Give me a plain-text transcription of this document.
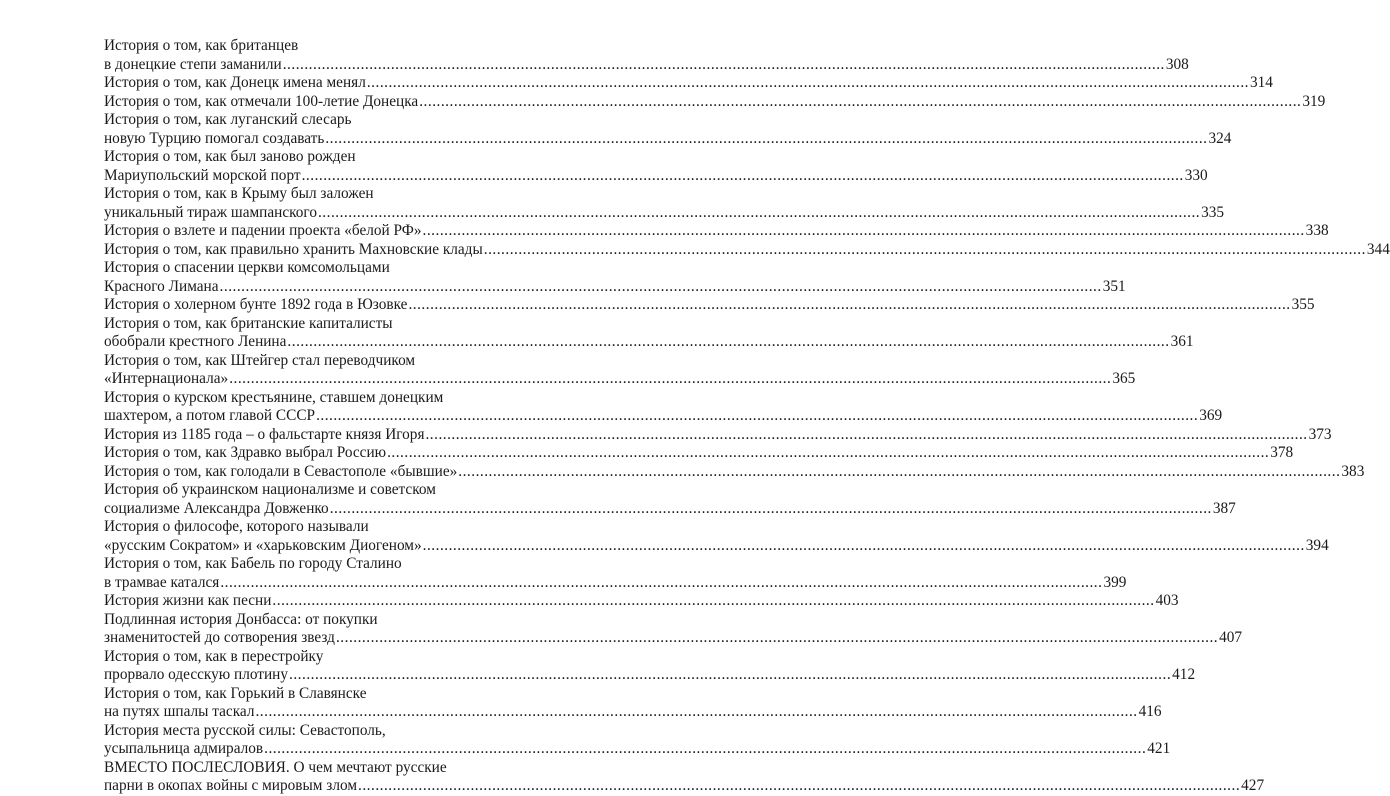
История о том, как британцев
в донецкие степи заманили .....	308
История о том, как Донецк имена менял .....	314
История о том, как отмечали 100-летие Донецка .....	319
История о том, как луганский слесарь
новую Турцию помогал создавать .....	324
История о том, как был заново рожден
Мариупольский морской порт .....	330
История о том, как в Крыму был заложен
уникальный тираж шампанского .....	335
История о взлете и падении проекта «белой РФ» .....	338
История о том, как правильно хранить Махновские клады .....	344
История о спасении церкви комсомольцами
Красного Лимана .....	351
История о холерном бунте 1892 года в Юзовке .....	355
История о том, как британские капиталисты
обобрали крестного Ленина .....	361
История о том, как Штейгер стал переводчиком
«Интернационала» .....	365
История о курском крестьянине, ставшем донецким
шахтером, а потом главой СССР .....	369
История из 1185 года – о фальстарте князя Игоря .....	373
История о том, как Здравко выбрал Россию .....	378
История о том, как голодали в Севастополе «бывшие» .....	383
История об украинском национализме и советском
социализме Александра Довженко .....	387
История о философе, которого называли
«русским Сократом» и «харьковским Диогеном» .....	394
История о том, как Бабель по городу Сталино
в трамвае катался .....	399
История жизни как песни .....	403
Подлинная история Донбасса: от покупки
знаменитостей до сотворения звезд .....	407
История о том, как в перестройку
прорвало одесскую плотину .....	412
История о том, как Горький в Славянске
на путях шпалы таскал .....	416
История места русской силы: Севастополь,
усыпальница адмиралов .....	421
ВМЕСТО ПОСЛЕСЛОВИЯ. О чем мечтают русские
парни в окопах войны с мировым злом .....	427
